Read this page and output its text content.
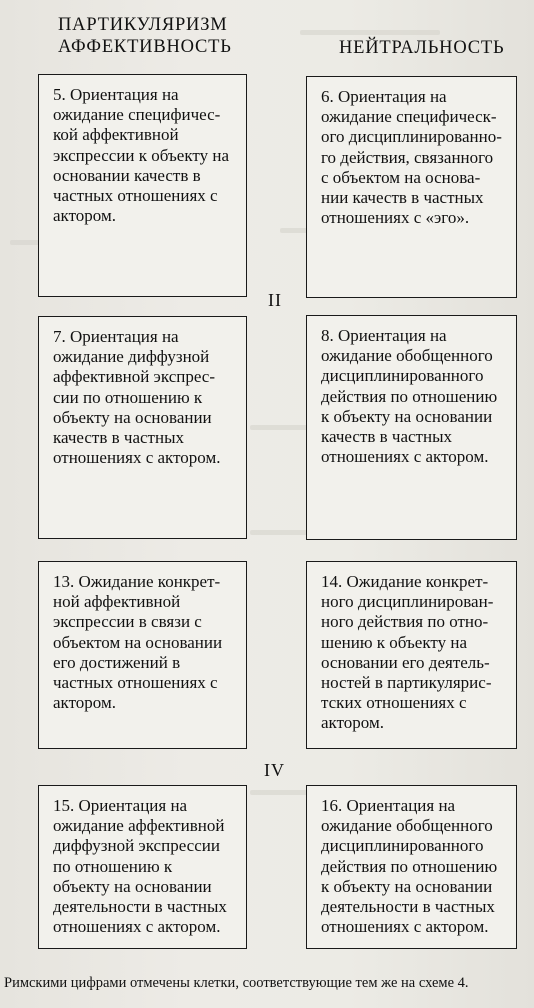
ПАРТИКУЛЯРИЗМ
АФФЕКТИВНОСТЬ	НЕЙТРАЛЬНОСТЬ
5. Ориентация на
ожидание специфичес-
кой аффективной
экспрессии к объекту на
основании качеств в
частных отношениях с
актором.
6. Ориентация на
ожидание специфическ-
ого дисциплинированно-
го действия, связанного
с объектом на основа-
нии качеств в частных
отношениях с «эго».
II
7. Ориентация на
ожидание диффузной
аффективной экспрес-
сии по отношению к
объекту на основании
качеств в частных
отношениях с актором.
8. Ориентация на
ожидание обобщенного
дисциплинированного
действия по отношению
к объекту на основании
качеств в частных
отношениях с актором.
13. Ожидание конкрет-
ной аффективной
экспрессии в связи с
объектом на основании
его достижений в
частных отношениях с
актором.
14. Ожидание конкрет-
ного дисциплинирован-
ного действия по отно-
шению к объекту на
основании его деятель-
ностей в партикулярис-
тских отношениях с
актором.
IV
15. Ориентация на
ожидание аффективной
диффузной экспрессии
по отношению к
объекту на основании
деятельности в частных
отношениях с актором.
16. Ориентация на
ожидание обобщенного
дисциплинированного
действия по отношению
к объекту на основании
деятельности в частных
отношениях с актором.
Римскими цифрами отмечены клетки, соответствующие тем же на схеме 4.
